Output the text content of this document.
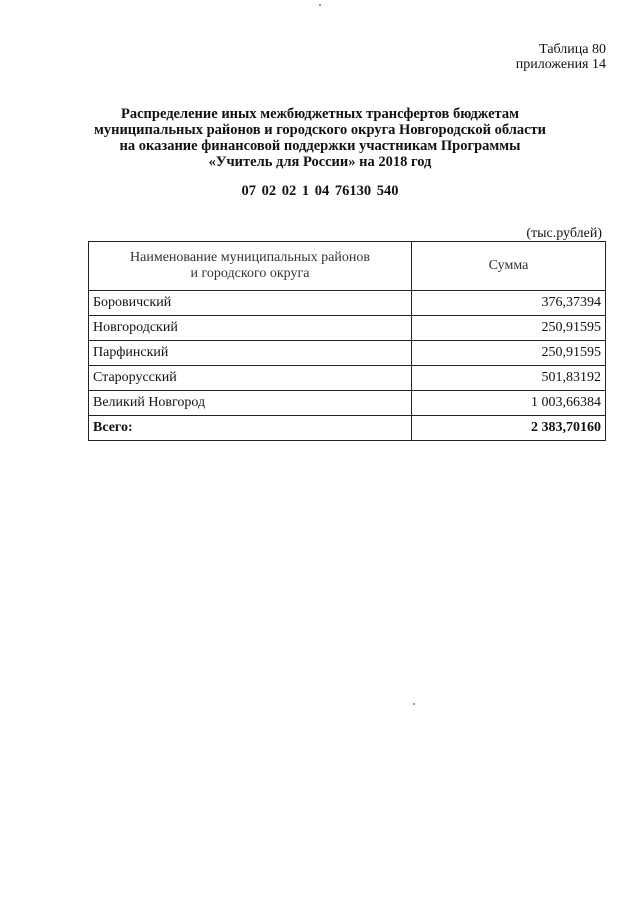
Таблица 80
приложения 14
Распределение иных межбюджетных трансфертов бюджетам
муниципальных районов и городского округа Новгородской области
на оказание финансовой поддержки участникам Программы
«Учитель для России» на 2018 год
07 02 02 1 04 76130 540
(тыс.рублей)
Наименование муниципальных районов
и городского округа	Сумма
Боровичский	376,37394
Новгородский	250,91595
Парфинский	250,91595
Старорусский	501,83192
Великий Новгород	1 003,66384
Всего:	2 383,70160
